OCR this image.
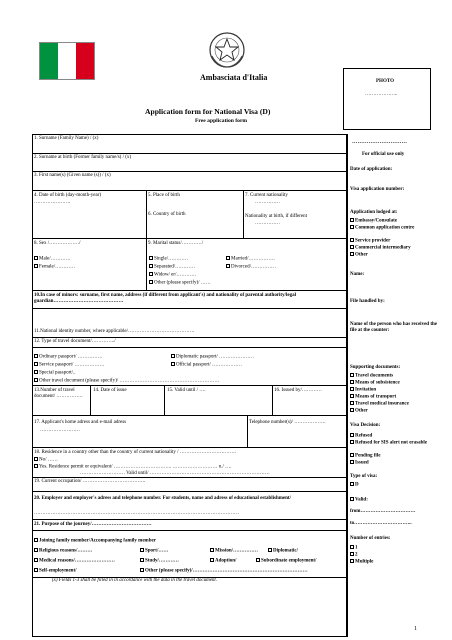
Ambasciata d'Italia	PHOTO
………………..
Application form for National Visa (D)
Free application form
1. Surname (Family Name) / (x)
2. Surname at birth (Former family name/s) / (x)
3. First name(s) (Given name (s)) / (x)
4. Date of birth (day-month-year)
………………….
5. Place of birth
6. Country of birth
7. Current nationality
……………
Nationality at birth, if different
……………
8. Sex /………………/
Male/…………
Female/…………
9. Marital status/…………/
Single/…………	Married/…………….
Separated/…………	Divorced/……………
Widow/ er/…………
Other (please specify)/ ……
10.In case of minors: surname, first name, address (if different from applicant's) and nationality of parental authority/legal guardian……………………………………
11.National identity number, where applicable/………………………………….
12. Type of travel document/…………../
Ordinary passport/ ……………	Diplomatic passport/ …………………
Service passport/ ………………	Official passport/ ………………
Special passport/..
Other travel document (please specify)/ ……………………………………………………
13.Number of travel document/ …………….
14. Date of issue	15. Valid until / ….	16. Issued by/…………
17. Applicant's home adress and e-mail adress
……………………
Telephone number(s)/ ……………….
18. Residence in a country other than the country of current nationality / …………………………….
No/ ……
Yes. Residence permit or equivalent/ …………………………….. ……………………… n./ ….
……………………… Valid until/ ………………………………………………………………
19. Current occupation/ ………………………………..
20. Employer and employer's adress and telephone number. For students, name and adress of educational establishment/
……………………………………………………………………………………………………………
21. Purpose of the journey/………………………………
Joining family member/Accompanying family member
Religious reasons/………	Sport/……	Mission/……………	Diplomatic/
Medical reasons/……………………	Study/…………	Adoption/	Subordinate employment/
Self-employment/	Other (please specify)/……………………………………………………………
(x) Fields 1-3 shall be filled in in accordance with the data in the travel document.
…………………………
For official use only
Date of application:
Visa application number:
Application lodged at:
Embassy/Consulate
Common application centre
Service provider
Commercial intermediary
Other
Name:
File handled by:
Name of the person who has received the file at the counter:
Supporting documents:
Travel documents
Means of subsistence
Invitation
Means of transport
Travel medical insurance
Other
Visa Decision:
Refused
Refused for SIS alert not erasable
Pending file
Issued
Type of visa:
D
Valid:
from……………………………
to……………………………..
Number of entries:
1
2
Multiple
1
